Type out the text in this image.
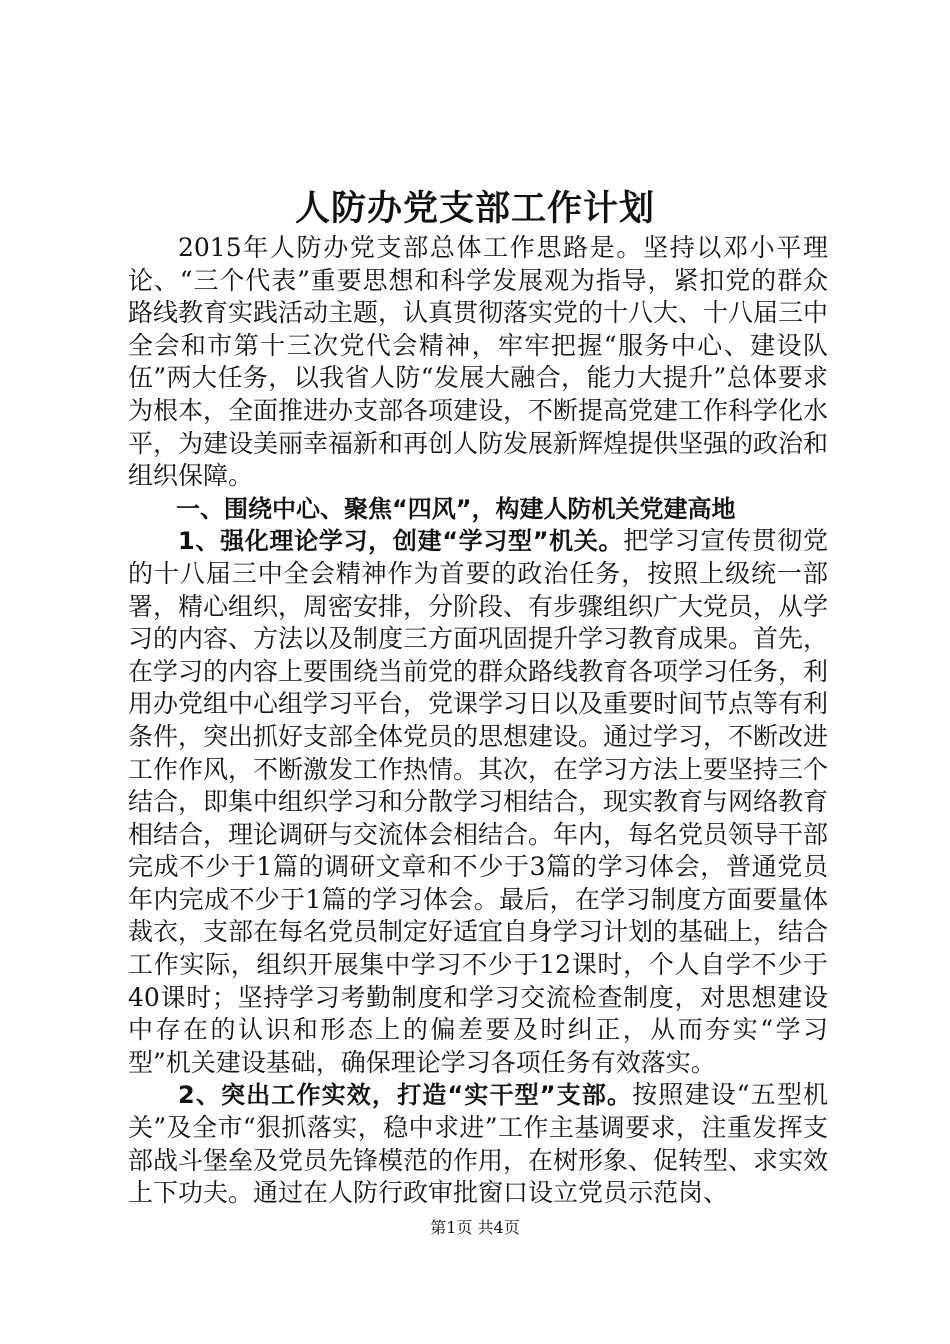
人防办党支部工作计划

2015年人防办党支部总体工作思路是。坚持以邓小平理论、“三个代表”重要思想和科学发展观为指导，紧扣党的群众路线教育实践活动主题，认真贯彻落实党的十八大、十八届三中全会和市第十三次党代会精神，牢牢把握“服务中心、建设队伍”两大任务，以我省人防“发展大融合，能力大提升”总体要求为根本，全面推进办支部各项建设，不断提高党建工作科学化水平，为建设美丽幸福新和再创人防发展新辉煌提供坚强的政治和组织保障。

一、围绕中心、聚焦“四风”，构建人防机关党建高地

1、强化理论学习，创建“学习型”机关。把学习宣传贯彻党的十八届三中全会精神作为首要的政治任务，按照上级统一部署，精心组织，周密安排，分阶段、有步骤组织广大党员，从学习的内容、方法以及制度三方面巩固提升学习教育成果。首先，在学习的内容上要围绕当前党的群众路线教育各项学习任务，利用办党组中心组学习平台，党课学习日以及重要时间节点等有利条件，突出抓好支部全体党员的思想建设。通过学习，不断改进工作作风，不断激发工作热情。其次，在学习方法上要坚持三个结合，即集中组织学习和分散学习相结合，现实教育与网络教育相结合，理论调研与交流体会相结合。年内，每名党员领导干部完成不少于1篇的调研文章和不少于3篇的学习体会，普通党员年内完成不少于1篇的学习体会。最后，在学习制度方面要量体裁衣，支部在每名党员制定好适宜自身学习计划的基础上，结合工作实际，组织开展集中学习不少于12课时，个人自学不少于40课时；坚持学习考勤制度和学习交流检查制度，对思想建设中存在的认识和形态上的偏差要及时纠正，从而夯实“学习型”机关建设基础，确保理论学习各项任务有效落实。

2、突出工作实效，打造“实干型”支部。按照建设“五型机关”及全市“狠抓落实，稳中求进”工作主基调要求，注重发挥支部战斗堡垒及党员先锋模范的作用，在树形象、促转型、求实效上下功夫。通过在人防行政审批窗口设立党员示范岗、

第1页 共4页
